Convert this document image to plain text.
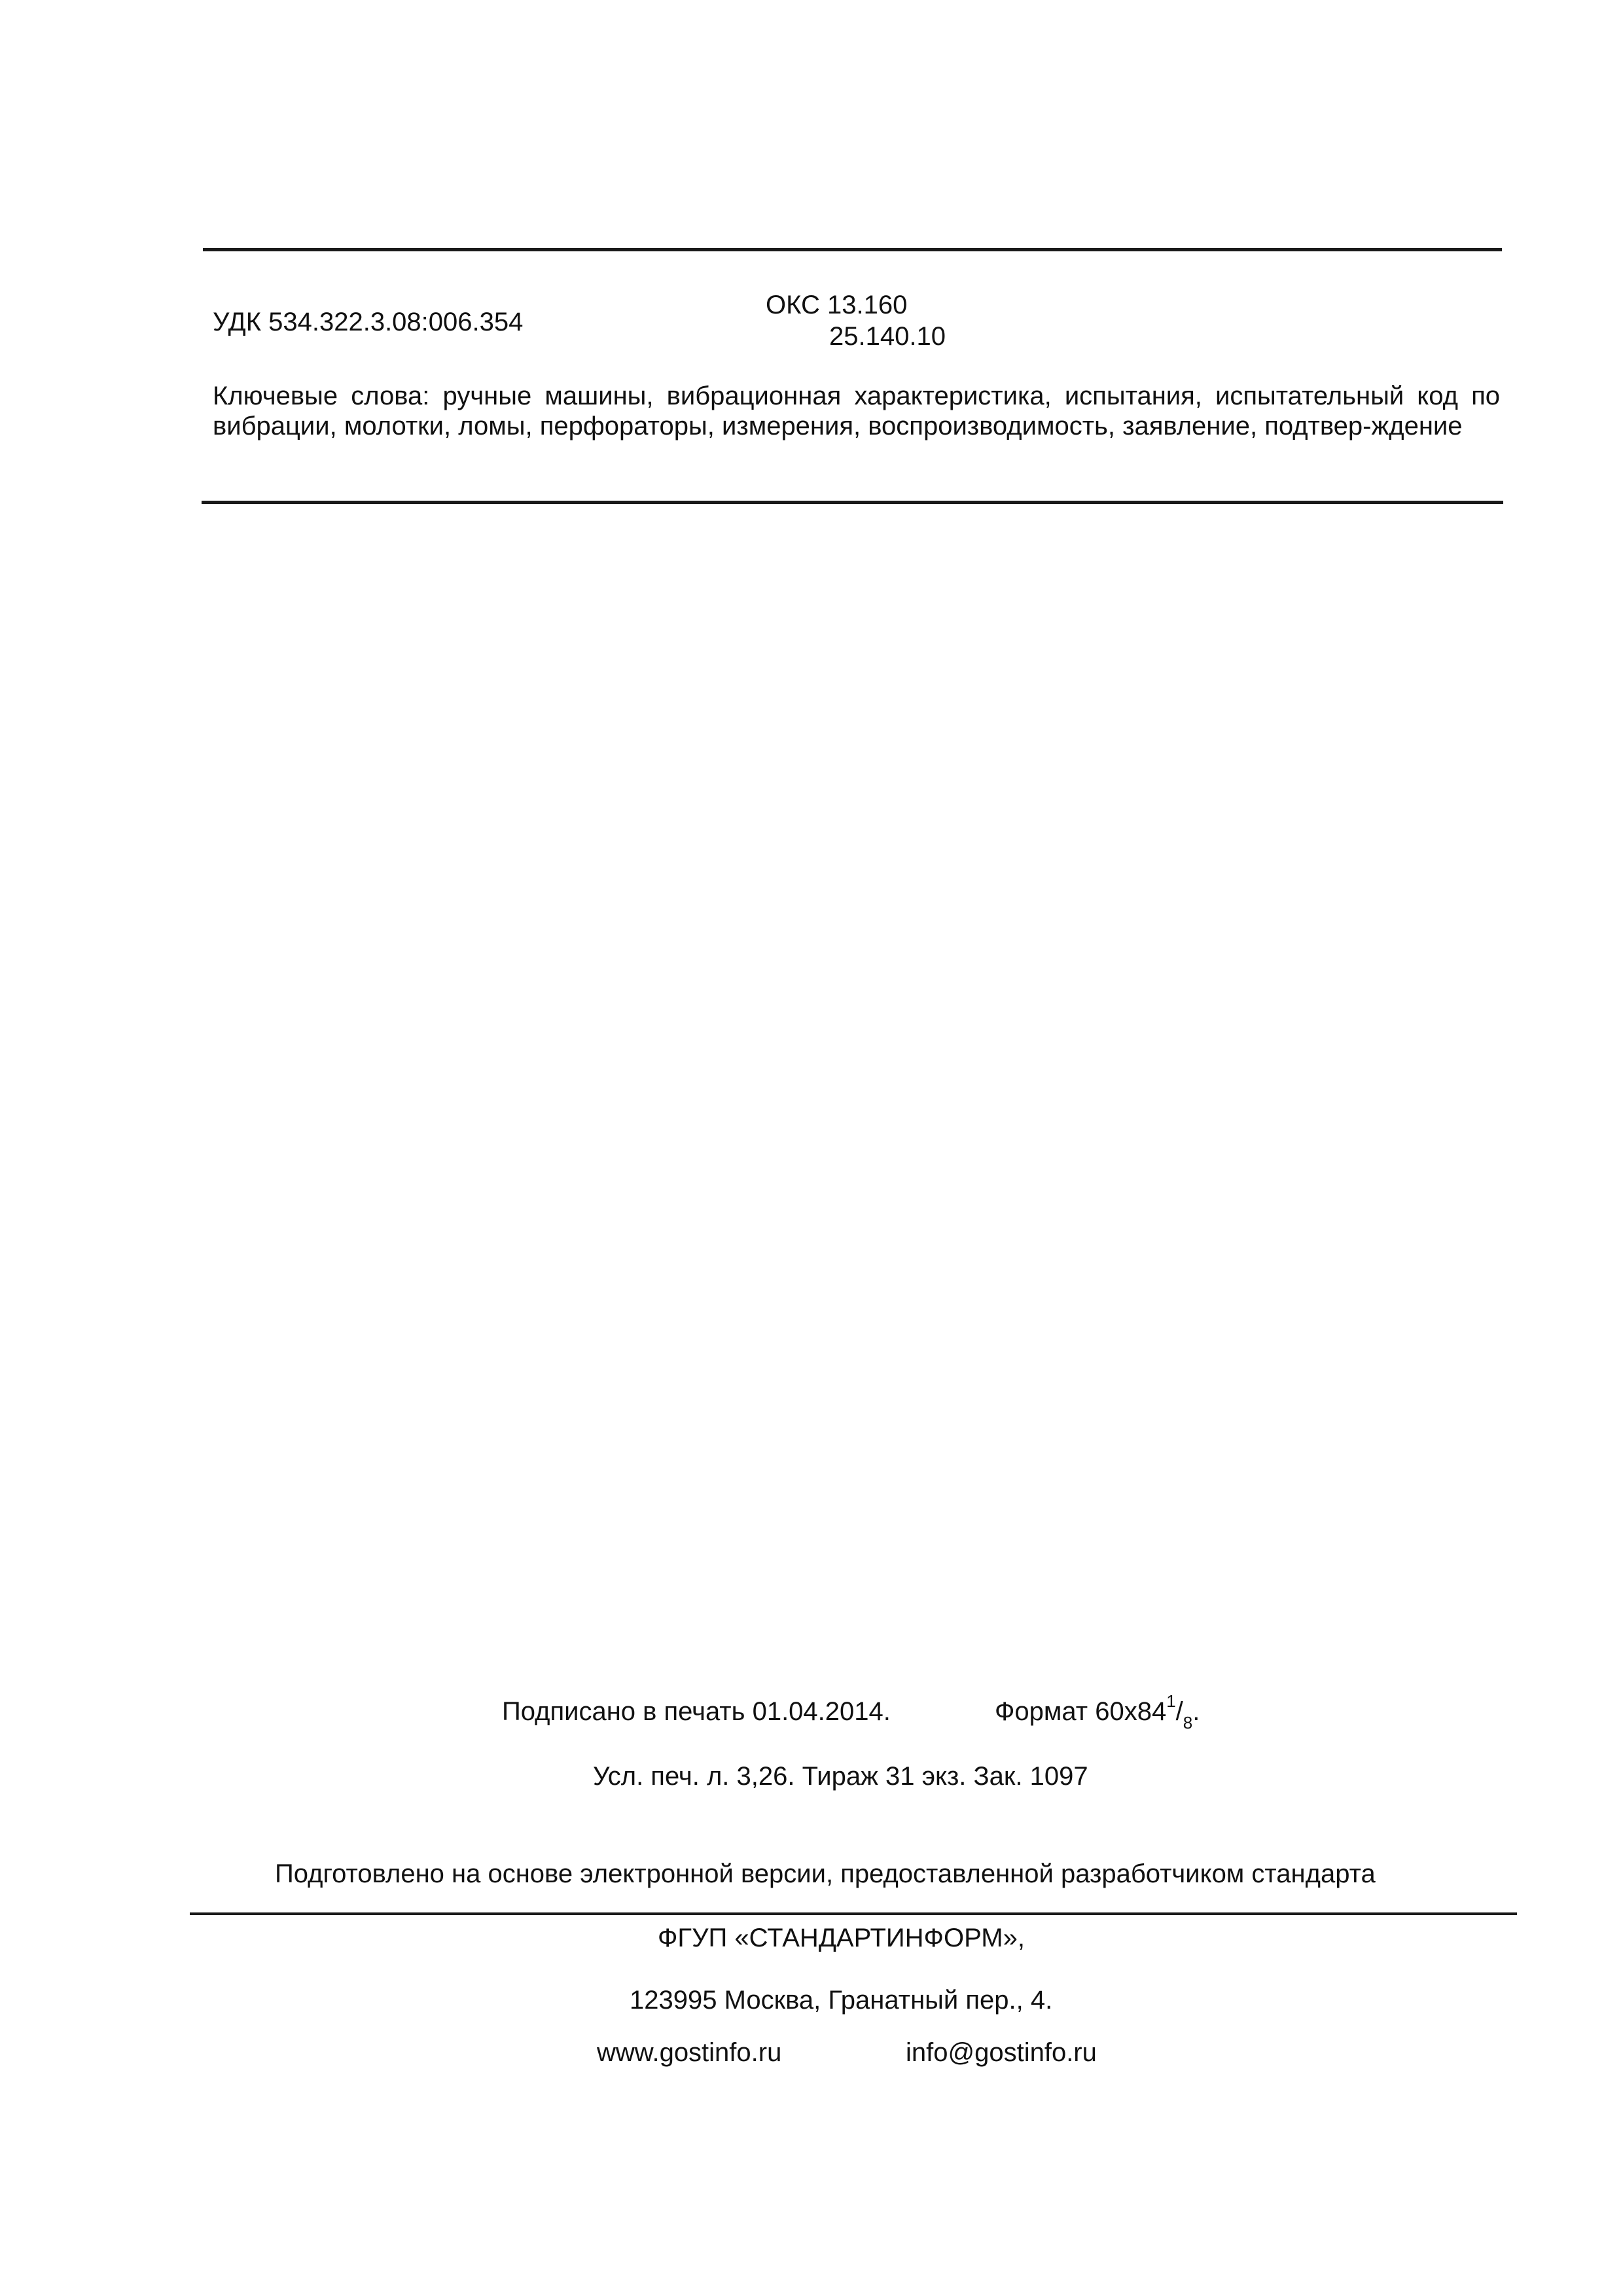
УДК 534.322.3.08:006.354
ОКС 13.160
25.140.10
Ключевые слова: ручные машины, вибрационная характеристика, испытания, испытательный код по вибрации, молотки, ломы, перфораторы, измерения, воспроизводимость, заявление, подтвер-ждение
Подписано в печать 01.04.2014.	Формат $60x84^1/_8$.
Усл. печ. л. 3,26. Тираж 31 экз. Зак. 1097
Подготовлено на основе электронной версии, предоставленной разработчиком стандарта
ФГУП «СТАНДАРТИНФОРМ»,
123995 Москва, Гранатный пер., 4.
www.gostinfo.ru	info@gostinfo.ru
